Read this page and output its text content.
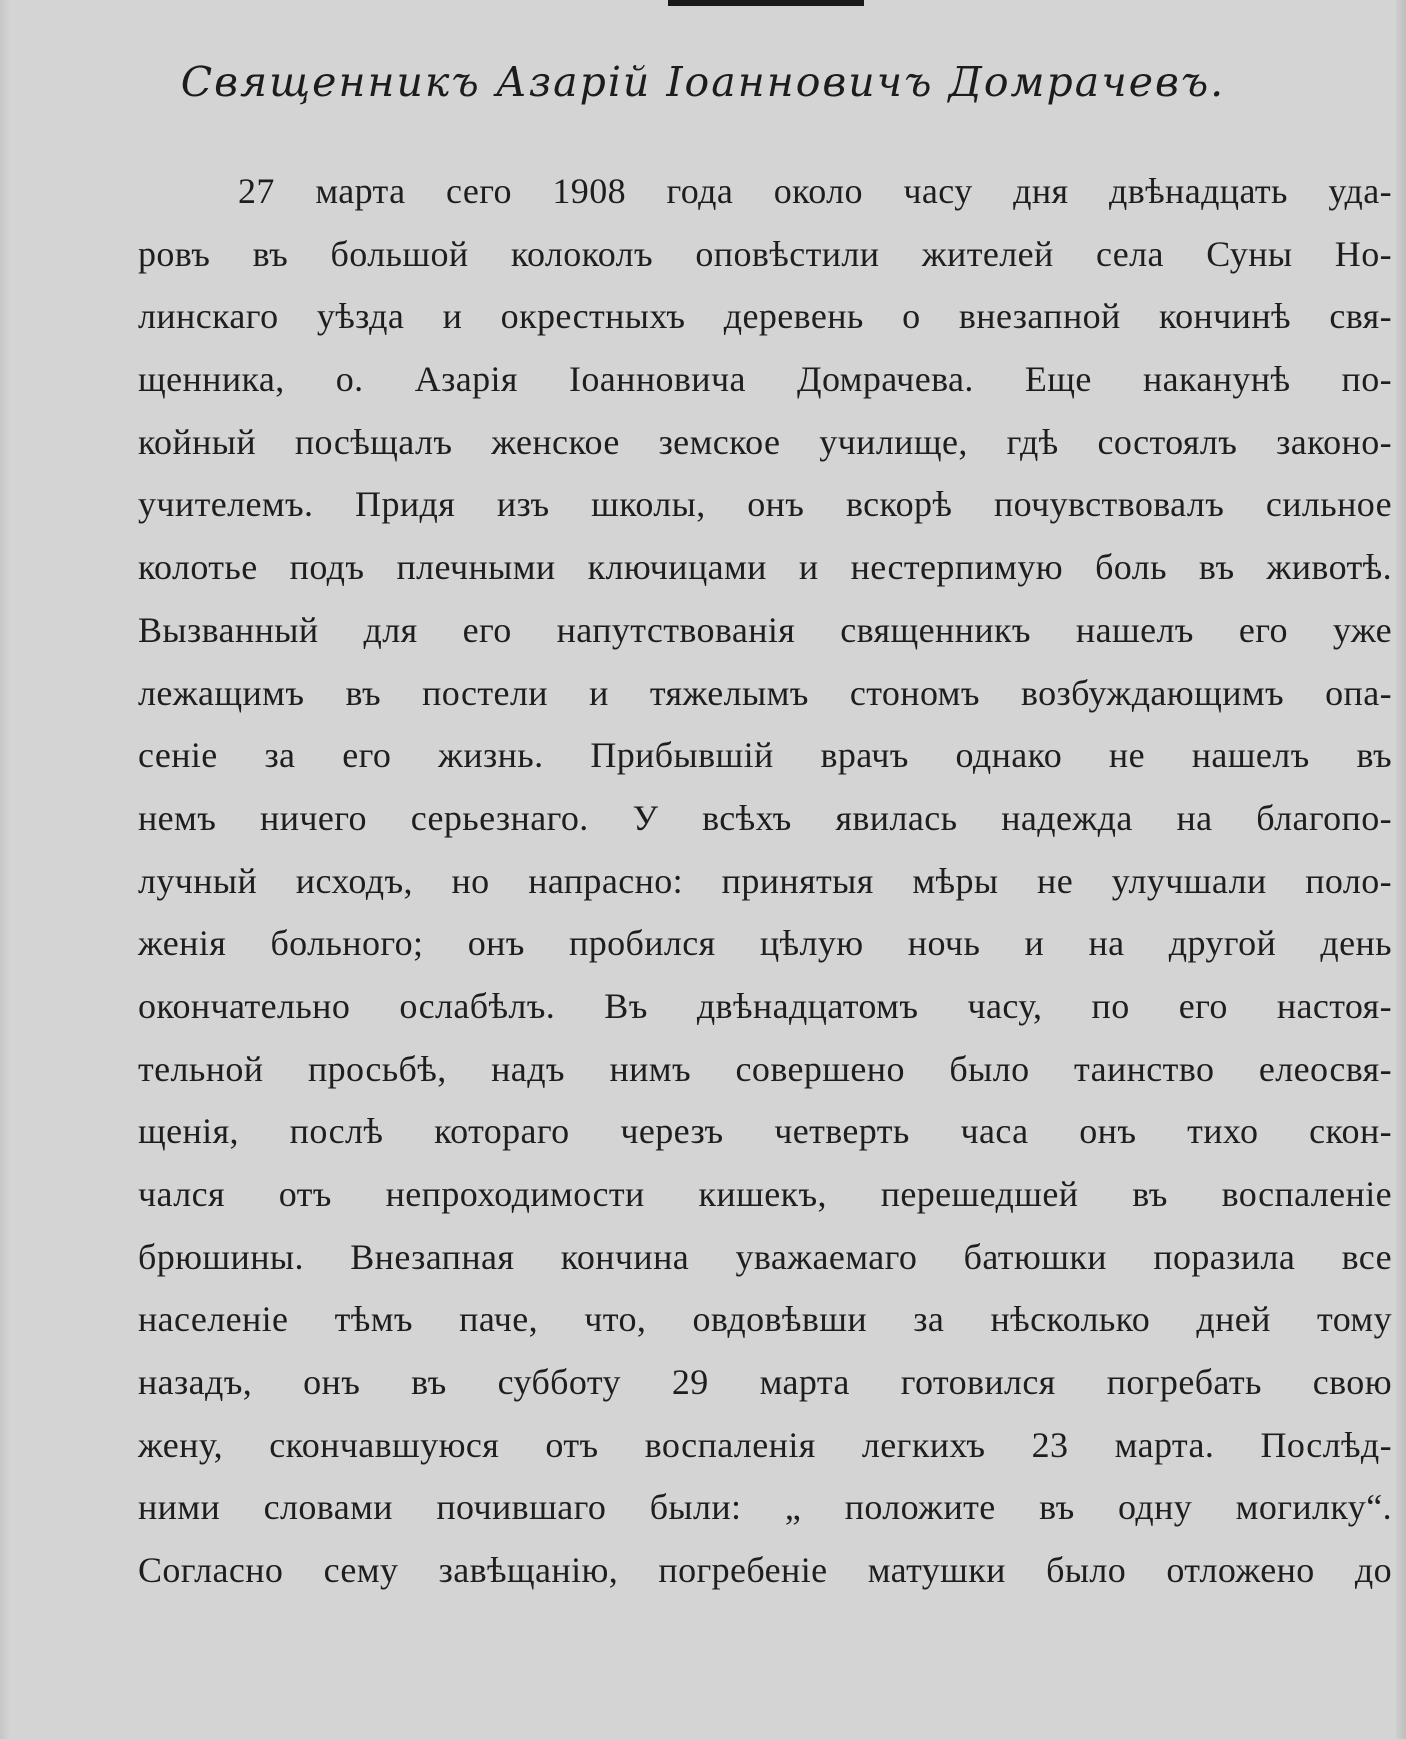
Священникъ Азарій Іоанновичъ Домрачевъ.
27 марта сего 1908 года около часу дня двѣнадцать уда-
ровъ въ большой колоколъ оповѣстили жителей села Суны Но-
линскаго уѣзда и окрестныхъ деревень о внезапной кончинѣ свя-
щенника, о. Азарія Іоанновича Домрачева. Еще наканунѣ по-
койный посѣщалъ женское земское училище, гдѣ состоялъ законо-
учителемъ. Придя изъ школы, онъ вскорѣ почувствовалъ сильное
колотье подъ плечными ключицами и нестерпимую боль въ животѣ.
Вызванный для его напутствованія священникъ нашелъ его уже
лежащимъ въ постели и тяжелымъ стономъ возбуждающимъ опа-
сеніе за его жизнь. Прибывшій врачъ однако не нашелъ въ
немъ ничего серьезнаго. У всѣхъ явилась надежда на благопо-
лучный исходъ, но напрасно: принятыя мѣры не улучшали поло-
женія больного; онъ пробился цѣлую ночь и на другой день
окончательно ослабѣлъ. Въ двѣнадцатомъ часу, по его настоя-
тельной просьбѣ, надъ нимъ совершено было таинство елеосвя-
щенія, послѣ котораго черезъ четверть часа онъ тихо скон-
чался отъ непроходимости кишекъ, перешедшей въ воспаленіе
брюшины. Внезапная кончина уважаемаго батюшки поразила все
населеніе тѣмъ паче, что, овдовѣвши за нѣсколько дней тому
назадъ, онъ въ субботу 29 марта готовился погребать свою
жену, скончавшуюся отъ воспаленія легкихъ 23 марта. Послѣд-
ними словами почившаго были: „ положите въ одну могилку“.
Согласно сему завѣщанію, погребеніе матушки было отложено до
